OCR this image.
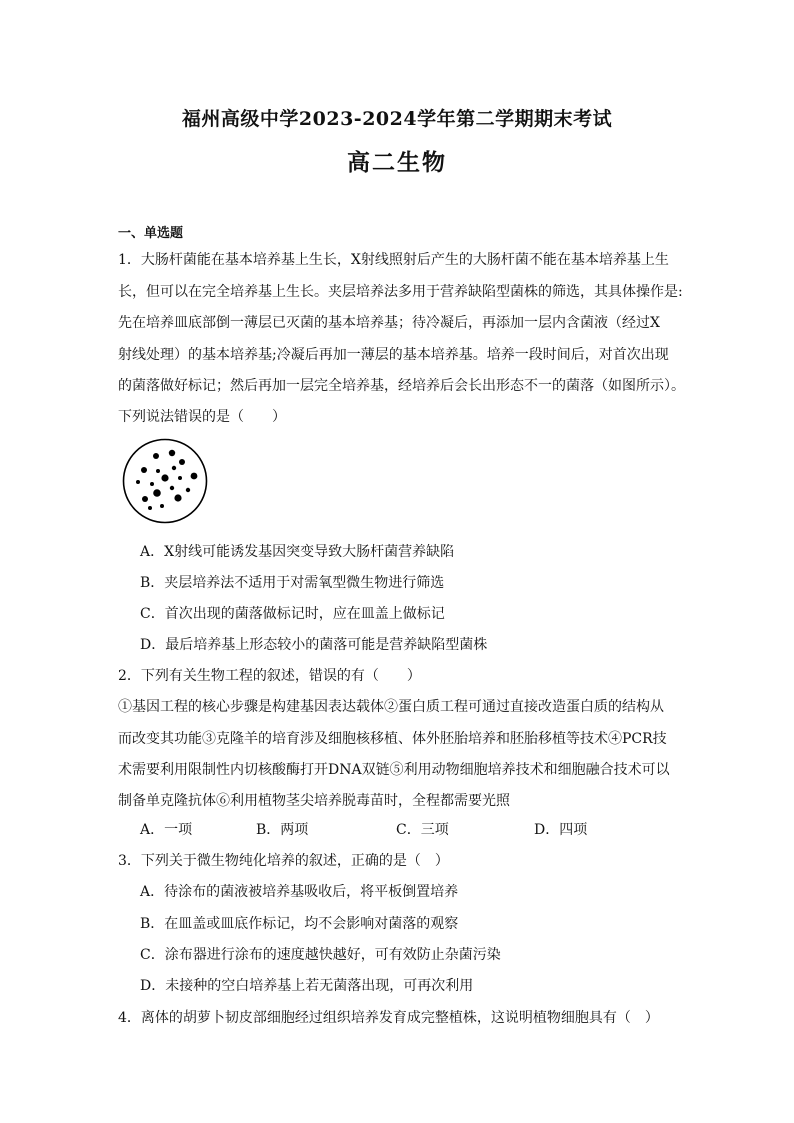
福州高级中学2023-2024学年第二学期期末考试
高二生物
一、单选题
1．大肠杆菌能在基本培养基上生长，X射线照射后产生的大肠杆菌不能在基本培养基上生
长，但可以在完全培养基上生长。夹层培养法多用于营养缺陷型菌株的筛选，其具体操作是:
先在培养皿底部倒一薄层已灭菌的基本培养基；待冷凝后，再添加一层内含菌液（经过X
射线处理）的基本培养基;冷凝后再加一薄层的基本培养基。培养一段时间后，对首次出现
的菌落做好标记；然后再加一层完全培养基，经培养后会长出形态不一的菌落（如图所示）。
下列说法错误的是（　　）
A．X射线可能诱发基因突变导致大肠杆菌营养缺陷
B．夹层培养法不适用于对需氧型微生物进行筛选
C．首次出现的菌落做标记时，应在皿盖上做标记
D．最后培养基上形态较小的菌落可能是营养缺陷型菌株
2．下列有关生物工程的叙述，错误的有（　　）
①基因工程的核心步骤是构建基因表达载体②蛋白质工程可通过直接改造蛋白质的结构从
而改变其功能③克隆羊的培育涉及细胞核移植、体外胚胎培养和胚胎移植等技术④PCR技
术需要利用限制性内切核酸酶打开DNA双链⑤利用动物细胞培养技术和细胞融合技术可以
制备单克隆抗体⑥利用植物茎尖培养脱毒苗时，全程都需要光照
A．一项	B．两项	C．三项	D．四项
3．下列关于微生物纯化培养的叙述，正确的是（　）
A．待涂布的菌液被培养基吸收后，将平板倒置培养
B．在皿盖或皿底作标记，均不会影响对菌落的观察
C．涂布器进行涂布的速度越快越好，可有效防止杂菌污染
D．未接种的空白培养基上若无菌落出现，可再次利用
4．离体的胡萝卜韧皮部细胞经过组织培养发育成完整植株，这说明植物细胞具有（　）
